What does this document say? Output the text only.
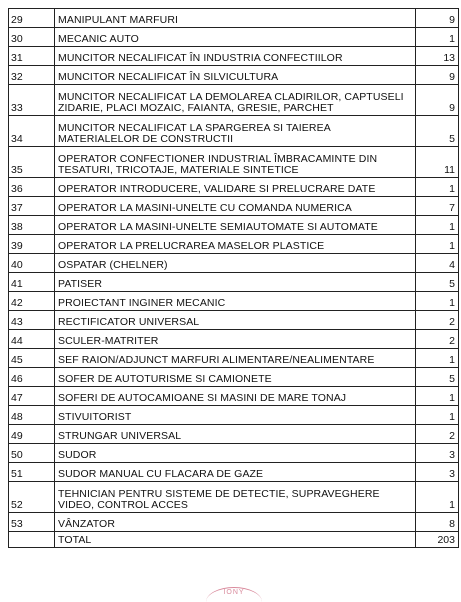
29	MANIPULANT MARFURI	9
30	MECANIC AUTO	1
31	MUNCITOR NECALIFICAT ÎN INDUSTRIA CONFECTIILOR	13
32	MUNCITOR NECALIFICAT ÎN SILVICULTURA	9
33	MUNCITOR NECALIFICAT LA DEMOLAREA CLADIRILOR, CAPTUSELI ZIDARIE, PLACI MOZAIC, FAIANTA, GRESIE, PARCHET	9
34	MUNCITOR NECALIFICAT LA SPARGEREA SI TAIEREA MATERIALELOR DE CONSTRUCTII	5
35	OPERATOR CONFECTIONER INDUSTRIAL ÎMBRACAMINTE DIN TESATURI, TRICOTAJE, MATERIALE SINTETICE	11
36	OPERATOR INTRODUCERE, VALIDARE SI PRELUCRARE DATE	1
37	OPERATOR LA MASINI-UNELTE CU COMANDA NUMERICA	7
38	OPERATOR LA MASINI-UNELTE SEMIAUTOMATE SI AUTOMATE	1
39	OPERATOR LA PRELUCRAREA MASELOR PLASTICE	1
40	OSPATAR (CHELNER)	4
41	PATISER	5
42	PROIECTANT INGINER MECANIC	1
43	RECTIFICATOR UNIVERSAL	2
44	SCULER-MATRITER	2
45	SEF RAION/ADJUNCT MARFURI ALIMENTARE/NEALIMENTARE	1
46	SOFER DE AUTOTURISME SI CAMIONETE	5
47	SOFERI DE AUTOCAMIOANE SI MASINI DE MARE TONAJ	1
48	STIVUITORIST	1
49	STRUNGAR UNIVERSAL	2
50	SUDOR	3
51	SUDOR MANUAL CU FLACARA DE GAZE	3
52	TEHNICIAN PENTRU SISTEME DE DETECTIE, SUPRAVEGHERE VIDEO, CONTROL ACCES	1
53	VÂNZATOR	8
	TOTAL	203
IONY
